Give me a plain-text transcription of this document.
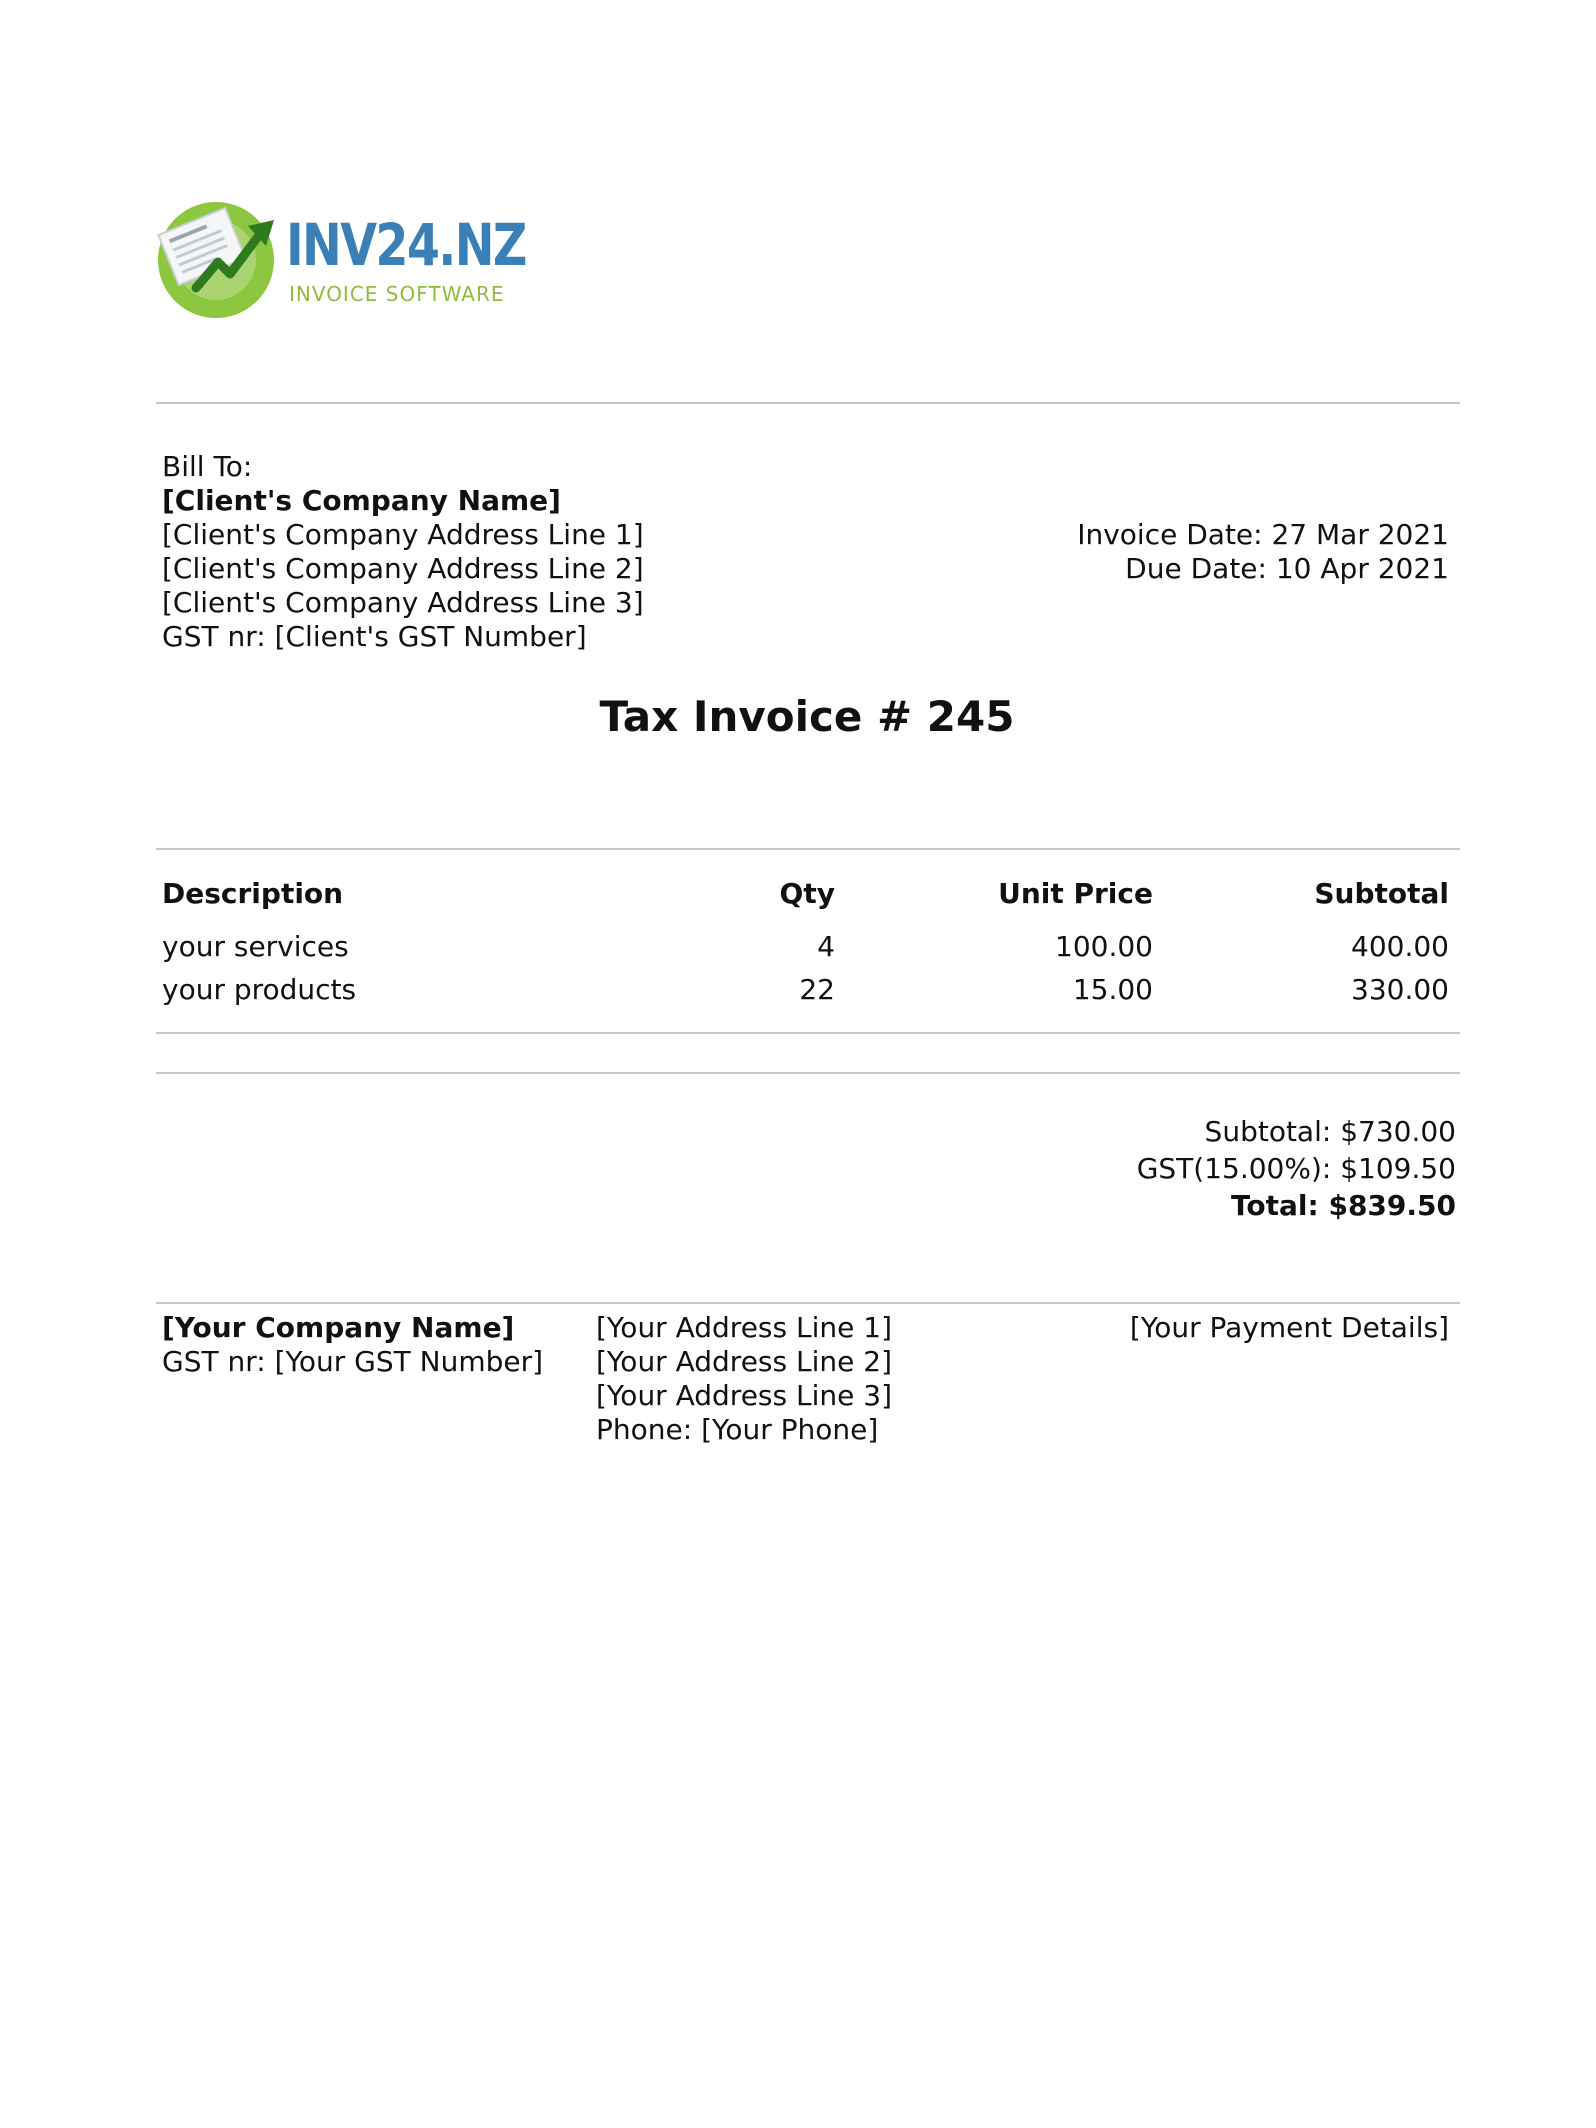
INV24.NZ
INVOICE SOFTWARE
Bill To:
[Client's Company Name]
[Client's Company Address Line 1]
[Client's Company Address Line 2]
[Client's Company Address Line 3]
GST nr: [Client's GST Number]
Invoice Date: 27 Mar 2021
Due Date: 10 Apr 2021
Tax Invoice # 245
Description	Qty	Unit Price	Subtotal
your services	4	100.00	400.00
your products	22	15.00	330.00
Subtotal: $730.00
GST(15.00%): $109.50
Total: $839.50
[Your Company Name]
GST nr: [Your GST Number]
[Your Address Line 1]
[Your Address Line 2]
[Your Address Line 3]
Phone: [Your Phone]
[Your Payment Details]
